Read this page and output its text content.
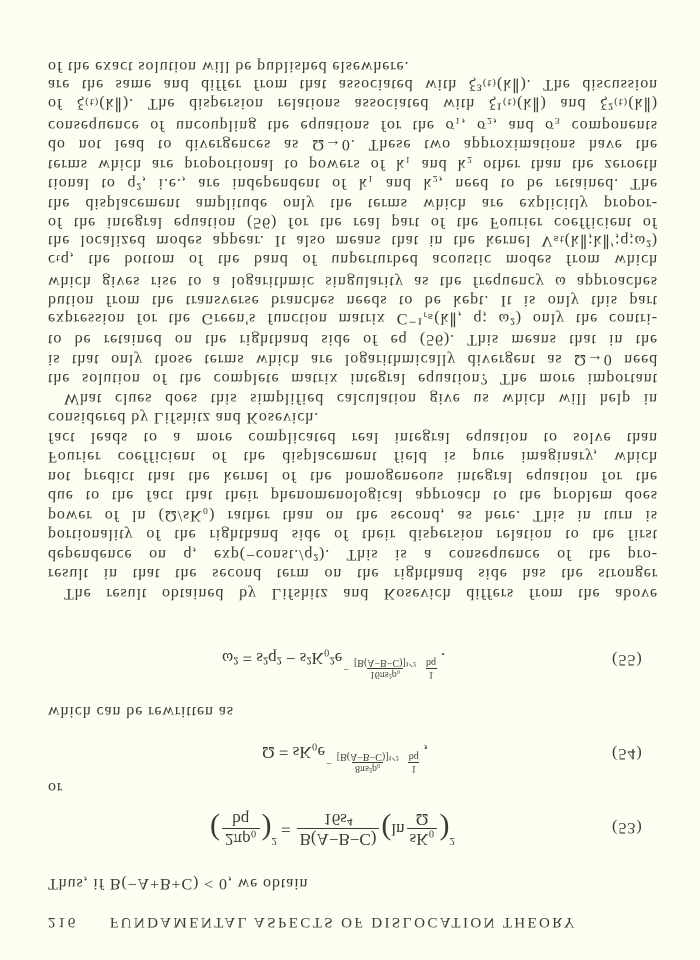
216 FUNDAMENTAL ASPECTS OF DISLOCATION THEORY
Thus, if B(−A+B+C) < 0, we obtain
( 2πρ₀
bq ) 2
=
B(A−B−C)
16s⁴ ( ln
sK₀
Ω ) 2
(53)
or
Ω = sK₀e −
8πs²ρ₀
[B(A−B−C)]¹ᐟ²
1
bq ,	(54)
which can be rewritten as
ω² = s²q² − s²K₀²e −
16πs²ρ₀
[B(A−B−C)]¹ᐟ²
1
bq .	(55)
The result obtained by Lifshitz and Kosevich differs from the above
result in that the second term on the righthand side has the stronger
dependence on q, exp(−const./q²). This is a consequence of the pro-
portionality of the righthand side of their dispersion relation to the first
power of ln (Ω/sK₀) rather than on the second, as here. This in turn is
due to the fact that their phenomenological approach to the problem does
not predict that the kernel of the homogeneous integral equation for the
Fourier coefficient of the displacement field is pure imaginary, which
fact leads to a more complicated real integral equation to solve than
considered by Lifshitz and Kosevich.
What clues does this simplified calculation give us which will help in
the solution of the complete matrix integral equation? The more important
is that only those terms which are logarithmically divergent as Ω→0 need
to be retained on the righthand side of eq (56). This means that in the
expression for the Green's function matrix C⁻¹ᵣₛ(k∥, q; ω²) only the contri-
bution from the transverse branches needs to be kept. It is only this part
which gives rise to a logarithmic singularity as the frequency ω approaches
cₜq, the bottom of the band of unperturbed acoustic modes from which
the localized modes appear. It also means that in the kernel Vₛₜ(k∥;k∥′;q;ω²)
of the integral equation (56) for the real part of the Fourier coefficient of
the displacement amplitude only the terms which are explicitly propor-
tional to q², i.e., are independent of k₁ and k₂, need to be retained. The
terms which are proportional to powers of k₁ and k₂ other than the zeroeth
do not lead to divergences as Ω→0. These two approximations have the
consequence of uncoupling the equations for the σ₁, σ₂, and σ₃ components
of ξ₍ₜ₎(k∥). The dispersion relations associated with ξ¹₍ₜ₎(k∥) and ξ²₍ₜ₎(k∥)
are the same and differ from that associated with ξ³₍ₜ₎(k∥). The discussion
of the exact solution will be published elsewhere.
